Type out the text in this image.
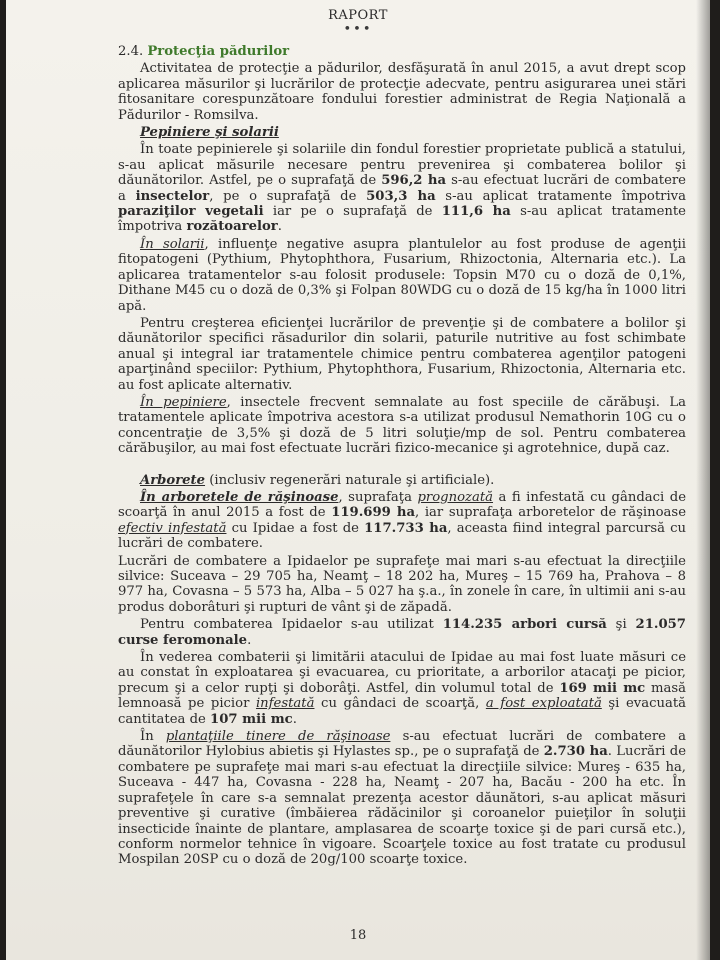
RAPORT
•••
2.4. Protecţia pădurilor

Activitatea de protecţie a pădurilor, desfăşurată în anul 2015, a avut drept scop aplicarea măsurilor şi lucrărilor de protecţie adecvate, pentru asigurarea unei stări fitosanitare corespunzătoare fondului forestier administrat de Regia Naţională a Pădurilor - Romsilva.

Pepiniere şi solarii

În toate pepinierele şi solariile din fondul forestier proprietate publică a statului, s-au aplicat măsurile necesare pentru prevenirea şi combaterea bolilor şi dăunătorilor. Astfel, pe o suprafaţă de 596,2 ha s-au efectuat lucrări de combatere a insectelor, pe o suprafaţă de 503,3 ha s-au aplicat tratamente împotriva paraziţilor vegetali iar pe o suprafaţă de 111,6 ha s-au aplicat tratamente împotriva rozătoarelor.

În solarii, influenţe negative asupra plantulelor au fost produse de agenţii fitopatogeni (Pythium, Phytophthora, Fusarium, Rhizoctonia, Alternaria etc.). La aplicarea tratamentelor s-au folosit produsele: Topsin M70 cu o doză de 0,1%, Dithane M45 cu o doză de 0,3% şi Folpan 80WDG cu o doză de 15 kg/ha în 1000 litri apă.

Pentru creşterea eficienţei lucrărilor de prevenţie şi de combatere a bolilor şi dăunătorilor specifici răsadurilor din solarii, paturile nutritive au fost schimbate anual şi integral iar tratamentele chimice pentru combaterea agenţilor patogeni aparţinând speciilor: Pythium, Phytophthora, Fusarium, Rhizoctonia, Alternaria etc. au fost aplicate alternativ.

În pepiniere, insectele frecvent semnalate au fost speciile de cărăbuşi. La tratamentele aplicate împotriva acestora s-a utilizat produsul Nemathorin 10G cu o concentraţie de 3,5% şi doză de 5 litri soluţie/mp de sol. Pentru combaterea cărăbuşilor, au mai fost efectuate lucrări fizico-mecanice şi agrotehnice, după caz.

Arborete (inclusiv regenerări naturale şi artificiale).

În arboretele de răşinoase, suprafaţa prognozată a fi infestată cu gândaci de scoarţă în anul 2015 a fost de 119.699 ha, iar suprafaţa arboretelor de răşinoase efectiv infestată cu Ipidae a fost de 117.733 ha, aceasta fiind integral parcursă cu lucrări de combatere.

Lucrări de combatere a Ipidaelor pe suprafeţe mai mari s-au efectuat la direcţiile silvice: Suceava – 29 705 ha, Neamţ – 18 202 ha, Mureş – 15 769 ha, Prahova – 8 977 ha, Covasna – 5 573 ha, Alba – 5 027 ha ş.a., în zonele în care, în ultimii ani s-au produs doborâturi şi rupturi de vânt şi de zăpadă.

Pentru combaterea Ipidaelor s-au utilizat 114.235 arbori cursă şi 21.057 curse feromonale.

În vederea combaterii şi limitării atacului de Ipidae au mai fost luate măsuri ce au constat în exploatarea şi evacuarea, cu prioritate, a arborilor atacaţi pe picior, precum şi a celor rupţi şi doborâţi. Astfel, din volumul total de 169 mii mc masă lemnoasă pe picior infestată cu gândaci de scoarţă, a fost exploatată şi evacuată cantitatea de 107 mii mc.

În plantaţiile tinere de răşinoase s-au efectuat lucrări de combatere a dăunătorilor Hylobius abietis şi Hylastes sp., pe o suprafaţă de 2.730 ha. Lucrări de combatere pe suprafeţe mai mari s-au efectuat la direcţiile silvice: Mureş - 635 ha, Suceava - 447 ha, Covasna - 228 ha, Neamţ - 207 ha, Bacău - 200 ha etc. În suprafeţele în care s-a semnalat prezenţa acestor dăunători, s-au aplicat măsuri preventive şi curative (îmbăierea rădăcinilor şi coroanelor puieţilor în soluţii insecticide înainte de plantare, amplasarea de scoarţe toxice şi de pari cursă etc.), conform normelor tehnice în vigoare. Scoarţele toxice au fost tratate cu produsul Mospilan 20SP cu o doză de 20g/100 scoarţe toxice.

18
